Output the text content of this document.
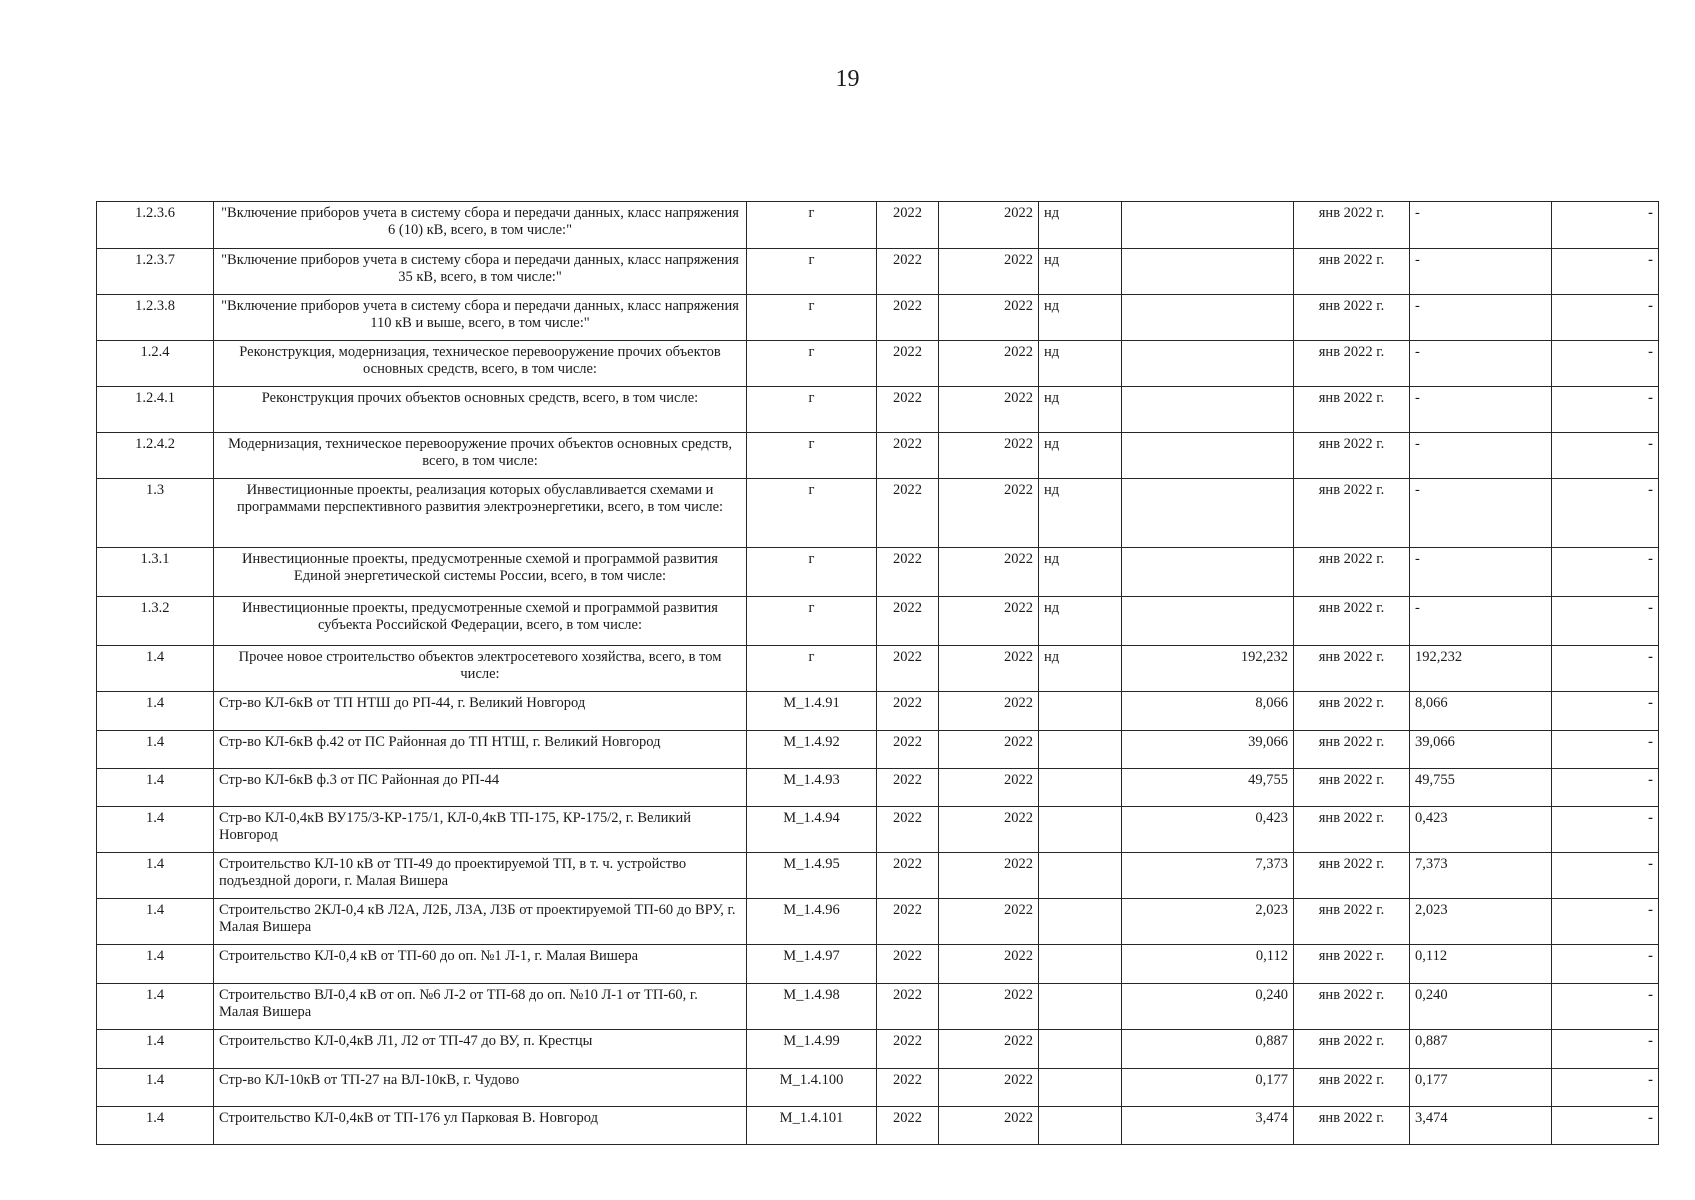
19
1.2.3.6	"Включение приборов учета в систему сбора и передачи данных, класс напряжения 6 (10) кВ, всего, в том числе:"	г	2022	2022	нд		янв 2022 г.	-	-
1.2.3.7	"Включение приборов учета в систему сбора и передачи данных, класс напряжения 35 кВ, всего, в том числе:"	г	2022	2022	нд		янв 2022 г.	-	-
1.2.3.8	"Включение приборов учета в систему сбора и передачи данных, класс напряжения 110 кВ и выше, всего, в том числе:"	г	2022	2022	нд		янв 2022 г.	-	-
1.2.4	Реконструкция, модернизация, техническое перевооружение прочих объектов основных средств, всего, в том числе:	г	2022	2022	нд		янв 2022 г.	-	-
1.2.4.1	Реконструкция прочих объектов основных средств, всего, в том числе:	г	2022	2022	нд		янв 2022 г.	-	-
1.2.4.2	Модернизация, техническое перевооружение прочих объектов основных средств, всего, в том числе:	г	2022	2022	нд		янв 2022 г.	-	-
1.3	Инвестиционные проекты, реализация которых обуславливается схемами и программами перспективного развития электроэнергетики, всего, в том числе:	г	2022	2022	нд		янв 2022 г.	-	-
1.3.1	Инвестиционные проекты, предусмотренные схемой и программой развития Единой энергетической системы России, всего, в том числе:	г	2022	2022	нд		янв 2022 г.	-	-
1.3.2	Инвестиционные проекты, предусмотренные схемой и программой развития субъекта Российской Федерации, всего, в том числе:	г	2022	2022	нд		янв 2022 г.	-	-
1.4	Прочее новое строительство объектов электросетевого хозяйства, всего, в том числе:	г	2022	2022	нд	192,232	янв 2022 г.	192,232	-
1.4	Стр-во КЛ-6кВ от ТП НТШ до РП-44, г. Великий Новгород	M_1.4.91	2022	2022		8,066	янв 2022 г.	8,066	-
1.4	Стр-во КЛ-6кВ ф.42 от ПС Районная до ТП НТШ, г. Великий Новгород	M_1.4.92	2022	2022		39,066	янв 2022 г.	39,066	-
1.4	Стр-во КЛ-6кВ ф.3 от ПС Районная до РП-44	M_1.4.93	2022	2022		49,755	янв 2022 г.	49,755	-
1.4	Стр-во КЛ-0,4кВ ВУ175/3-КР-175/1, КЛ-0,4кВ ТП-175, КР-175/2, г. Великий Новгород	M_1.4.94	2022	2022		0,423	янв 2022 г.	0,423	-
1.4	Строительство КЛ-10 кВ от ТП-49 до проектируемой ТП, в т. ч. устройство подъездной дороги, г. Малая Вишера	M_1.4.95	2022	2022		7,373	янв 2022 г.	7,373	-
1.4	Строительство 2КЛ-0,4 кВ Л2А, Л2Б, Л3А, Л3Б от проектируемой ТП-60 до ВРУ, г. Малая Вишера	M_1.4.96	2022	2022		2,023	янв 2022 г.	2,023	-
1.4	Строительство КЛ-0,4 кВ от ТП-60 до оп. №1 Л-1, г. Малая Вишера	M_1.4.97	2022	2022		0,112	янв 2022 г.	0,112	-
1.4	Строительство ВЛ-0,4 кВ от оп. №6 Л-2 от ТП-68 до оп. №10 Л-1 от ТП-60, г. Малая Вишера	M_1.4.98	2022	2022		0,240	янв 2022 г.	0,240	-
1.4	Строительство КЛ-0,4кВ Л1, Л2 от ТП-47 до ВУ, п. Крестцы	M_1.4.99	2022	2022		0,887	янв 2022 г.	0,887	-
1.4	Стр-во КЛ-10кВ от ТП-27 на ВЛ-10кВ, г. Чудово	M_1.4.100	2022	2022		0,177	янв 2022 г.	0,177	-
1.4	Строительство КЛ-0,4кВ от ТП-176 ул Парковая В. Новгород	M_1.4.101	2022	2022		3,474	янв 2022 г.	3,474	-
